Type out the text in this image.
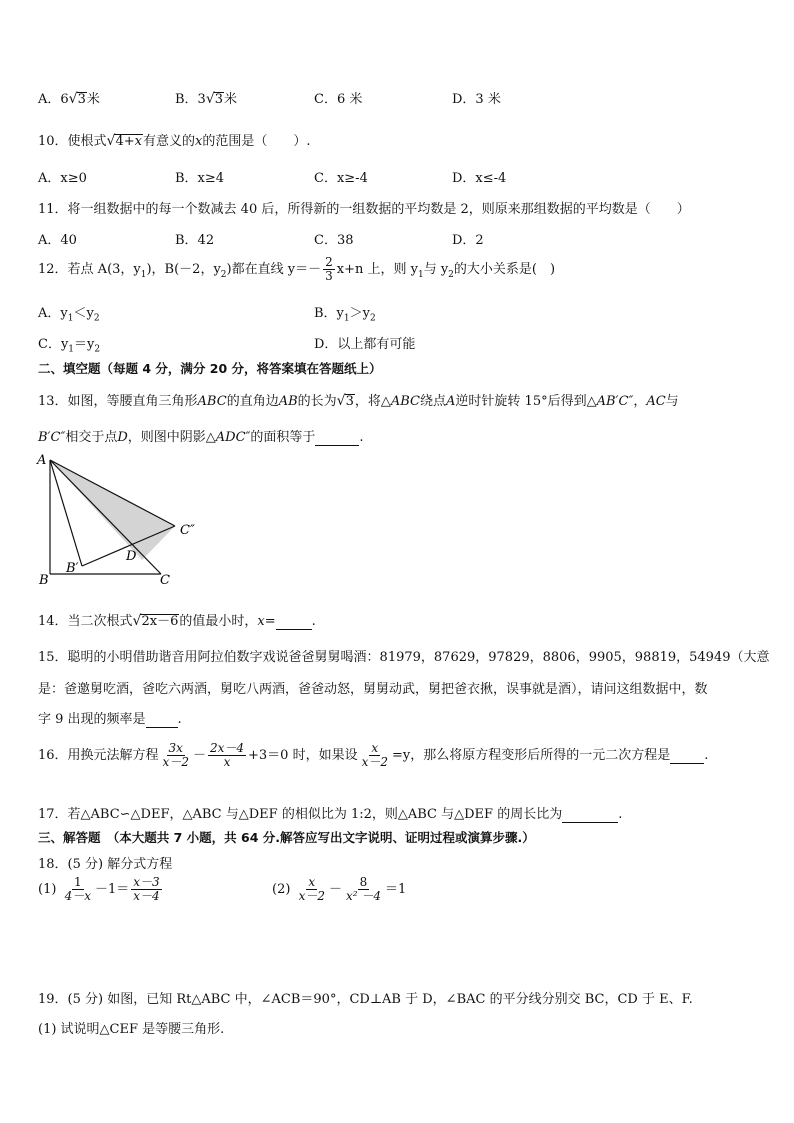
A．6√3米	B．3√3米	C．6 米	D．3 米
10．使根式√4+x有意义的x的范围是（　　）.
A．x≥0	B．x≥4	C．x≥-4	D．x≤-4
11．将一组数据中的每一个数减去 40 后，所得新的一组数据的平均数是 2，则原来那组数据的平均数是（　　）
A．40	B．42	C．38	D．2
12．若点 A(3，$y_1$)，B(－2，$y_2$)都在直线 $y=- \frac{2}{3} x+n$ 上，则 $y_1$与 $y_2$的大小关系是(　)
A．$y_1<y_2$	B．$y_1>y_2$
C．$y_1=y_2$	D．以上都有可能
二、填空题（每题 4 分，满分 20 分，将答案填在答题纸上）
13．如图，等腰直角三角形ABC的直角边AB的长为√3，将△ABC绕点A逆时针旋转 15°后得到△AB′C″，AC与
B′C″相交于点D，则图中阴影△ADC″的面积等于	.
A
B
B′
C
C″
D
14．当二次根式√2x－6的值最小时，x=	.
15．聪明的小明借助谐音用阿拉伯数字戏说爸爸舅舅喝酒：81979，87629，97829，8806，9905，98819，54949（大意
是：爸邀舅吃酒，爸吃六两酒，舅吃八两酒，爸爸动怒，舅舅动武，舅把爸衣揪，误事就是酒），请问这组数据中，数
字 9 出现的频率是 .
16．用换元法解方程 $\frac{3x}{x-2} - \frac{2x-4}{x} +3=0$ 时，如果设 $\frac{x}{x-2} =y$，那么将原方程变形后所得的一元二次方程是	.
17．若△ABC∽△DEF，△ABC 与△DEF 的相似比为 1:2，则△ABC 与△DEF 的周长比为	.
三、解答题　（本大题共 7 小题，共 64 分.解答应写出文字说明、证明过程或演算步骤.）
18．(5 分) 解分式方程
$(1) \frac{1}{4-x} -1= \frac{x-3}{x-4}$	$(2) \frac{x}{x-2} - \frac{8}{\text{x² －4}} =1$
19．(5 分) 如图，已知 Rt△ABC 中，∠ACB＝90°，CD⊥AB 于 D，∠BAC 的平分线分别交 BC，CD 于 E、F.
(1) 试说明△CEF 是等腰三角形.
